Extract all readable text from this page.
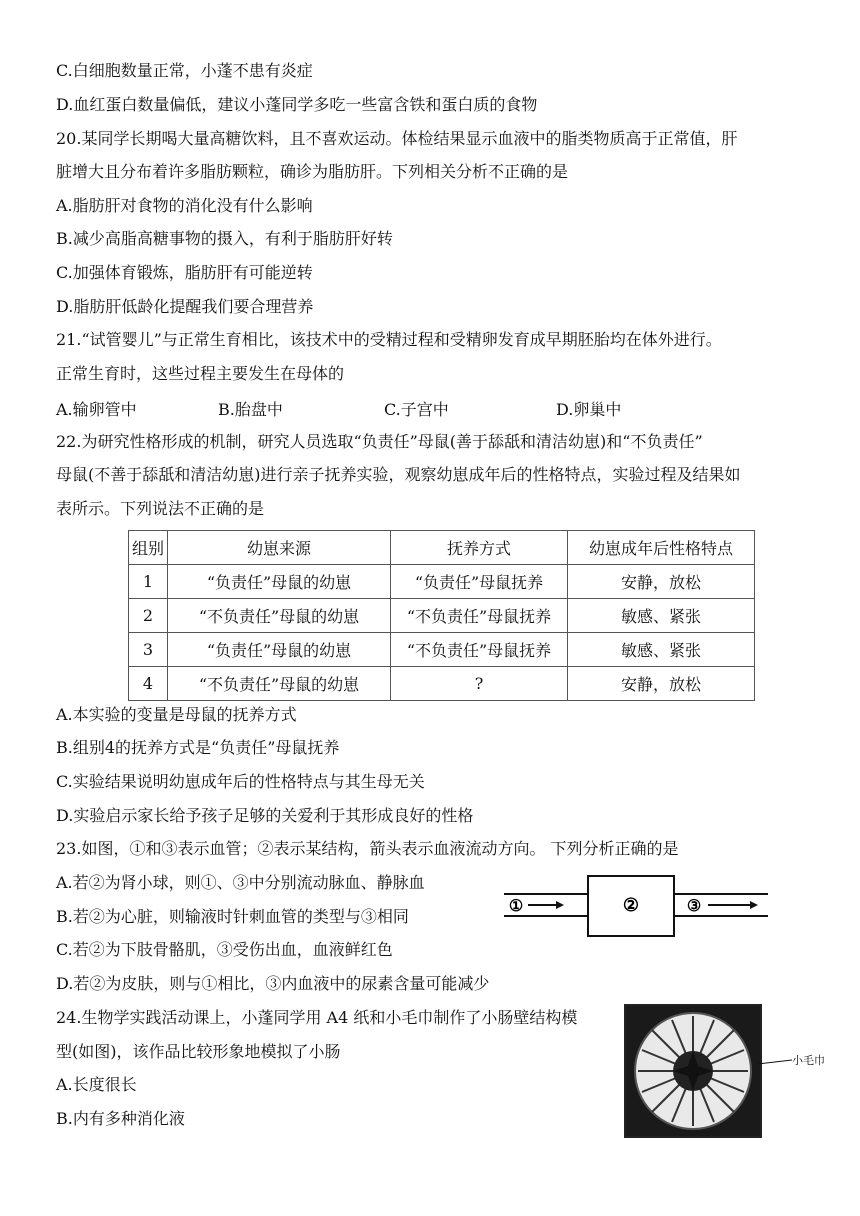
C.白细胞数量正常，小蓬不患有炎症
D.血红蛋白数量偏低，建议小蓬同学多吃一些富含铁和蛋白质的食物
20.某同学长期喝大量高糖饮料，且不喜欢运动。体检结果显示血液中的脂类物质高于正常值，肝
脏增大且分布着许多脂肪颗粒，确诊为脂肪肝。下列相关分析不正确的是
A.脂肪肝对食物的消化没有什么影响
B.减少高脂高糖事物的摄入，有利于脂肪肝好转
C.加强体育锻炼，脂肪肝有可能逆转
D.脂肪肝低龄化提醒我们要合理营养
21.“试管婴儿”与正常生育相比，该技术中的受精过程和受精卵发育成早期胚胎均在体外进行。
正常生育时，这些过程主要发生在母体的
A.输卵管中	B.胎盘中	C.子宫中	D.卵巢中
22.为研究性格形成的机制，研究人员选取“负责任”母鼠(善于舔舐和清洁幼崽)和“不负责任”
母鼠(不善于舔舐和清洁幼崽)进行亲子抚养实验，观察幼崽成年后的性格特点，实验过程及结果如
表所示。下列说法不正确的是
组别	幼崽来源	抚养方式	幼崽成年后性格特点
1	“负责任”母鼠的幼崽	“负责任”母鼠抚养	安静，放松
2	“不负责任”母鼠的幼崽	“不负责任”母鼠抚养	敏感、紧张
3	“负责任”母鼠的幼崽	“不负责任”母鼠抚养	敏感、紧张
4	“不负责任”母鼠的幼崽	?	安静，放松
A.本实验的变量是母鼠的抚养方式
B.组别4的抚养方式是“负责任”母鼠抚养
C.实验结果说明幼崽成年后的性格特点与其生母无关
D.实验启示家长给予孩子足够的关爱利于其形成良好的性格
23.如图，①和③表示血管；②表示某结构，箭头表示血液流动方向。 下列分析正确的是
A.若②为肾小球，则①、③中分别流动脉血、静脉血
B.若②为心脏，则输液时针刺血管的类型与③相同
C.若②为下肢骨骼肌，③受伤出血，血液鲜红色
D.若②为皮肤，则与①相比，③内血液中的尿素含量可能减少
①	②	③
24.生物学实践活动课上，小蓬同学用 A4 纸和小毛巾制作了小肠壁结构模
型(如图)，该作品比较形象地模拟了小肠
A.长度很长
B.内有多种消化液
小毛巾
